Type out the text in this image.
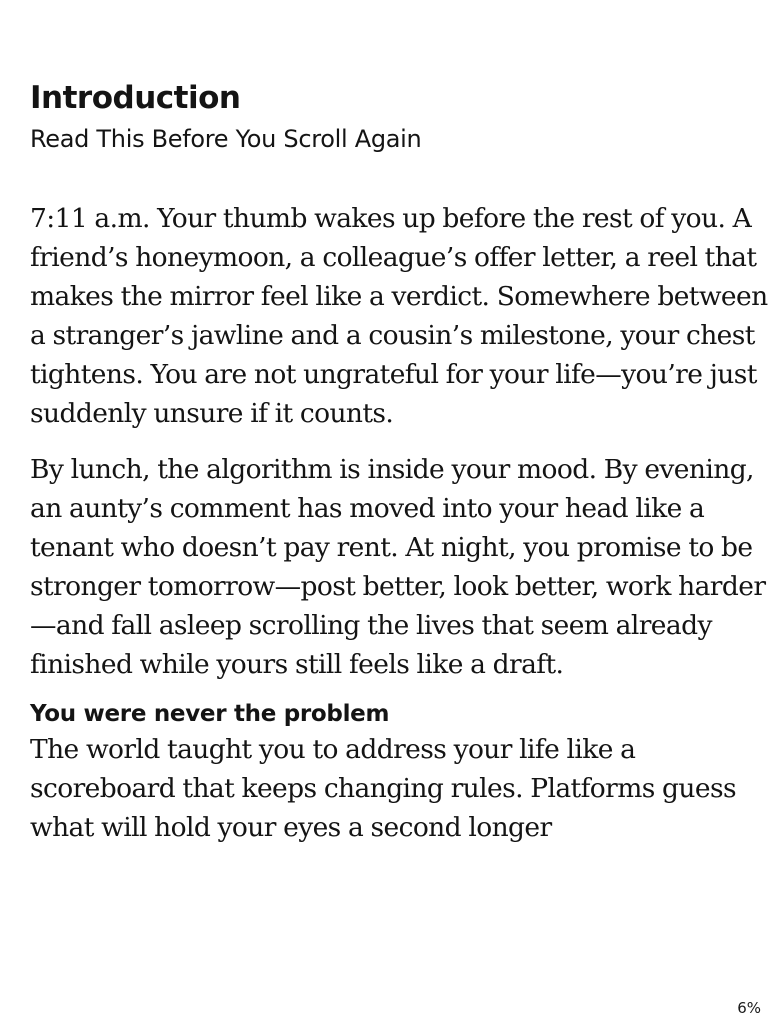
Introduction
Read This Before You Scroll Again

7:11 a.m. Your thumb wakes up before the rest of you. A friend’s honeymoon, a colleague’s offer letter, a reel that makes the mirror feel like a verdict. Somewhere between a stranger’s jawline and a cousin’s milestone, your chest tightens. You are not ungrateful for your life—you’re just suddenly unsure if it counts.

By lunch, the algorithm is inside your mood. By evening, an aunty’s comment has moved into your head like a tenant who doesn’t pay rent. At night, you promise to be stronger tomorrow—post better, look better, work harder—and fall asleep scrolling the lives that seem already finished while yours still feels like a draft.

You were never the problem

The world taught you to address your life like a scoreboard that keeps changing rules. Platforms guess what will hold your eyes a second longer

6%
